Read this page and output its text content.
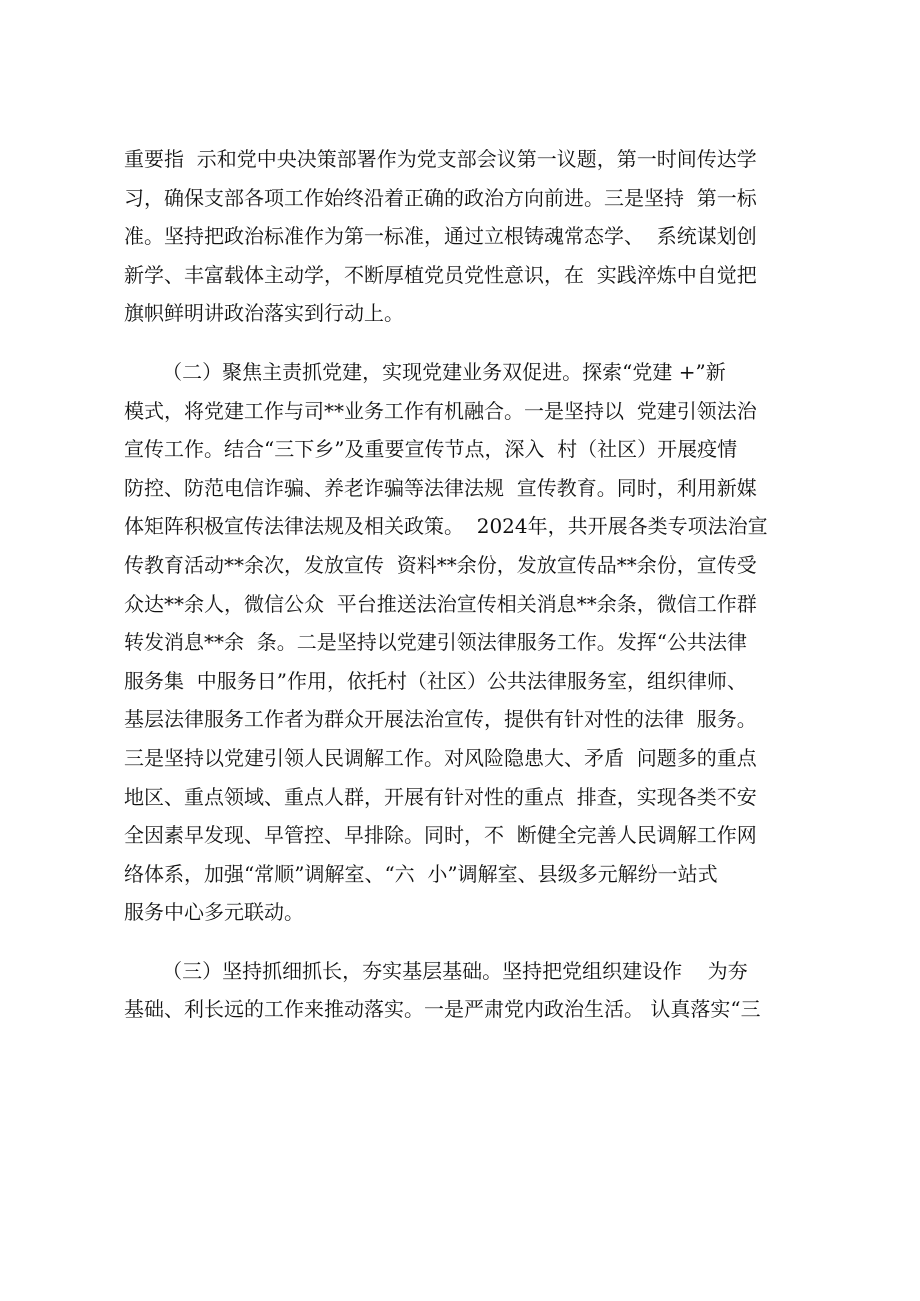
重要指  示和党中央决策部署作为党支部会议第一议题，第一时间传达学
习，确保支部各项工作始终沿着正确的政治方向前进。三是坚持  第一标
准。坚持把政治标准作为第一标准，通过立根铸魂常态学、  系统谋划创
新学、丰富载体主动学，不断厚植党员党性意识，在  实践淬炼中自觉把
旗帜鲜明讲政治落实到行动上。
（二）聚焦主责抓党建，实现党建业务双促进。探索“党建 +”新
模式，将党建工作与司**业务工作有机融合。一是坚持以  党建引领法治
宣传工作。结合“三下乡”及重要宣传节点，深入  村（社区）开展疫情
防控、防范电信诈骗、养老诈骗等法律法规  宣传教育。同时，利用新媒
体矩阵积极宣传法律法规及相关政策。  2024年，共开展各类专项法治宣
传教育活动**余次，发放宣传  资料**余份，发放宣传品**余份，宣传受
众达**余人，微信公众  平台推送法治宣传相关消息**余条，微信工作群
转发消息**余  条。二是坚持以党建引领法律服务工作。发挥“公共法律
服务集  中服务日”作用，依托村（社区）公共法律服务室，组织律师、
基层法律服务工作者为群众开展法治宣传，提供有针对性的法律  服务。
三是坚持以党建引领人民调解工作。对风险隐患大、矛盾  问题多的重点
地区、重点领域、重点人群，开展有针对性的重点  排查，实现各类不安
全因素早发现、早管控、早排除。同时，不  断健全完善人民调解工作网
络体系，加强“常顺”调解室、“六  小”调解室、县级多元解纷一站式
服务中心多元联动。
（三）坚持抓细抓长，夯实基层基础。坚持把党组织建设作    为夯
基础、利长远的工作来推动落实。一是严肃党内政治生活。 认真落实“三
